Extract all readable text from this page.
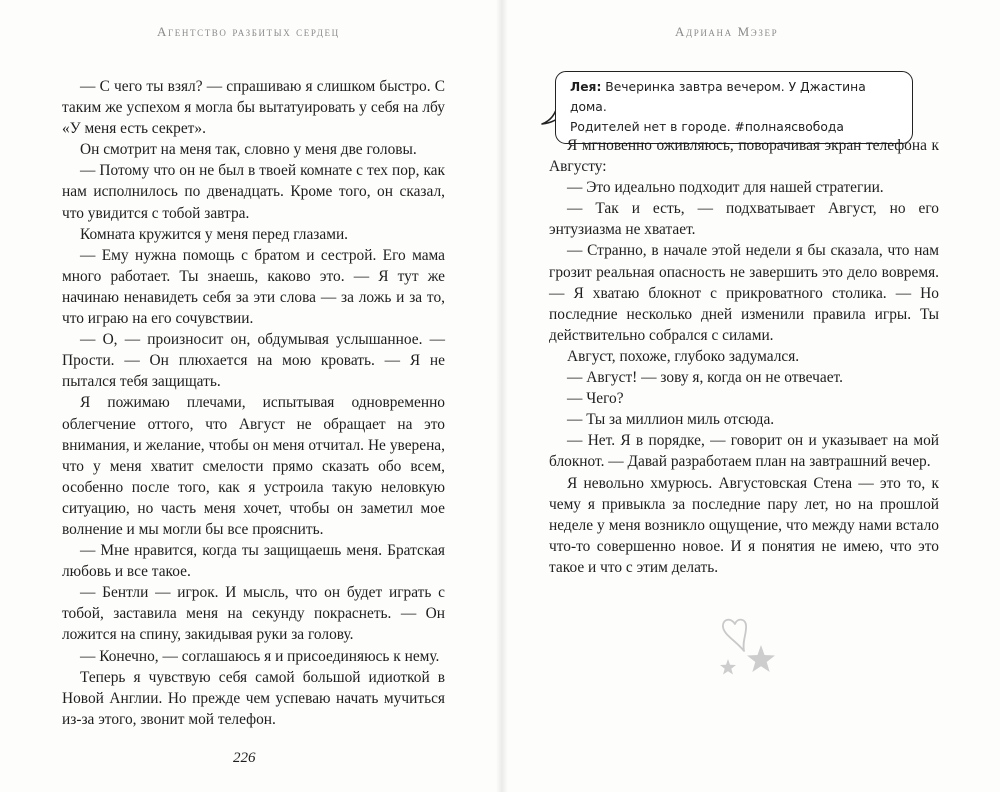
Агентство разбитых сердец

— С чего ты взял? — спрашиваю я слишком быстро. С таким же успехом я могла бы вытатуировать у себя на лбу «У меня есть секрет».

Он смотрит на меня так, словно у меня две головы.

— Потому что он не был в твоей комнате с тех пор, как нам исполнилось по двенадцать. Кроме того, он сказал, что увидится с тобой завтра.

Комната кружится у меня перед глазами.

— Ему нужна помощь с братом и сестрой. Его мама много работает. Ты знаешь, каково это. — Я тут же начинаю ненавидеть себя за эти слова — за ложь и за то, что играю на его сочувствии.

— О, — произносит он, обдумывая услышанное. — Прости. — Он плюхается на мою кровать. — Я не пытался тебя защищать.

Я пожимаю плечами, испытывая одновременно облегчение оттого, что Август не обращает на это внимания, и желание, чтобы он меня отчитал. Не уверена, что у меня хватит смелости прямо сказать обо всем, особенно после того, как я устроила такую неловкую ситуацию, но часть меня хочет, чтобы он заметил мое волнение и мы могли бы все прояснить.

— Мне нравится, когда ты защищаешь меня. Братская любовь и все такое.

— Бентли — игрок. И мысль, что он будет играть с тобой, заставила меня на секунду покраснеть. — Он ложится на спину, закидывая руки за голову.

— Конечно, — соглашаюсь я и присоединяюсь к нему.

Теперь я чувствую себя самой большой идиоткой в Новой Англии. Но прежде чем успеваю начать мучиться из-за этого, звонит мой телефон.

226
Адриана Мэзер
Лея: Вечеринка завтра вечером. У Джастина дома.
Родителей нет в городе. #полнаясвобода

Я мгновенно оживляюсь, поворачивая экран телефона к Августу:

— Это идеально подходит для нашей стратегии.

— Так и есть, — подхватывает Август, но его энтузиазма не хватает.

— Странно, в начале этой недели я бы сказала, что нам грозит реальная опасность не завершить это дело вовремя. — Я хватаю блокнот с прикроватного столика. — Но последние несколько дней изменили правила игры. Ты действительно собрался с силами.

Август, похоже, глубоко задумался.

— Август! — зову я, когда он не отвечает.

— Чего?

— Ты за миллион миль отсюда.

— Нет. Я в порядке, — говорит он и указывает на мой блокнот. — Давай разработаем план на завтрашний вечер.

Я невольно хмурюсь. Августовская Стена — это то, к чему я привыкла за последние пару лет, но на прошлой неделе у меня возникло ощущение, что между нами встало что-то совершенно новое. И я понятия не имею, что это такое и что с этим делать.
